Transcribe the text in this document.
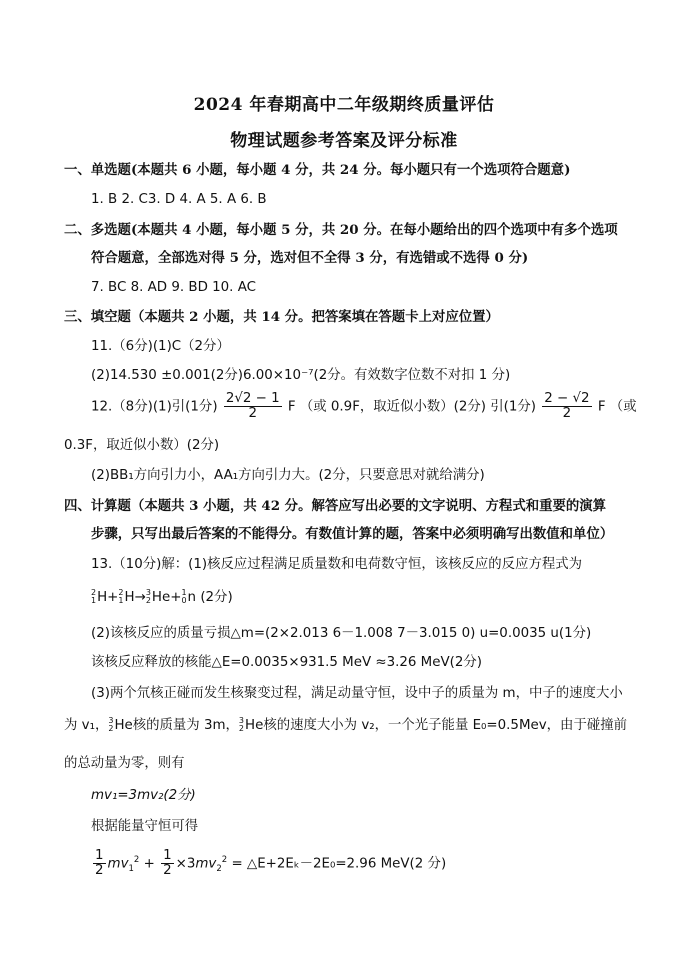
2024 年春期高中二年级期终质量评估
物理试题参考答案及评分标准
一、单选题(本题共 6 小题，每小题 4 分，共 24 分。每小题只有一个选项符合题意)
1. B 2. C3. D 4. A 5. A 6. B
二、多选题(本题共 4 小题，每小题 5 分，共 20 分。在每小题给出的四个选项中有多个选项
符合题意，全部选对得 5 分，选对但不全得 3 分，有选错或不选得 0 分)
7. BC 8. AD 9. BD 10. AC
三、填空题（本题共 2 小题，共 14 分。把答案填在答题卡上对应位置）
11.（6分)(1)C（2分）
(2)14.530 ±0.001(2分)6.00×10⁻⁷(2分。有效数字位数不对扣 1 分)
12.（8分)(1)引(1分) $\frac{2√2 - 1}{2}$ F （或 0.9F，取近似小数）(2分) 引(1分) $\frac{2 - √2}{2}$ F （或
0.3F，取近似小数）(2分)
(2)BB₁方向引力小，AA₁方向引力大。(2分，只要意思对就给满分)
四、计算题（本题共 3 小题，共 42 分。解答应写出必要的文字说明、方程式和重要的演算
步骤，只写出最后答案的不能得分。有数值计算的题，答案中必须明确写出数值和单位）
13.（10分)解：(1)核反应过程满足质量数和电荷数守恒，该核反应的反应方程式为
2
1 H+ 2
1 H→ 3
2 He+ 1
0 n (2分)
(2)该核反应的质量亏损△m=(2×2.013 6－1.008 7－3.015 0) u=0.0035 u(1分)
该核反应释放的核能△E=0.0035×931.5 MeV ≈3.26 MeV(2分)
(3)两个氘核正碰而发生核聚变过程，满足动量守恒，设中子的质量为 m，中子的速度大小
为 v₁， 3
2 He核的质量为 3m， 3
2 He核的速度大小为 v₂，一个光子能量 E₀=0.5Mev，由于碰撞前
的总动量为零，则有
mv₁=3mv₂(2分)
根据能量守恒可得
$\frac{1}{2} mv_1^2 + \frac{1}{2} \times 3mv_2^2$ = △E+2Eₖ－2E₀=2.96 MeV(2 分)
